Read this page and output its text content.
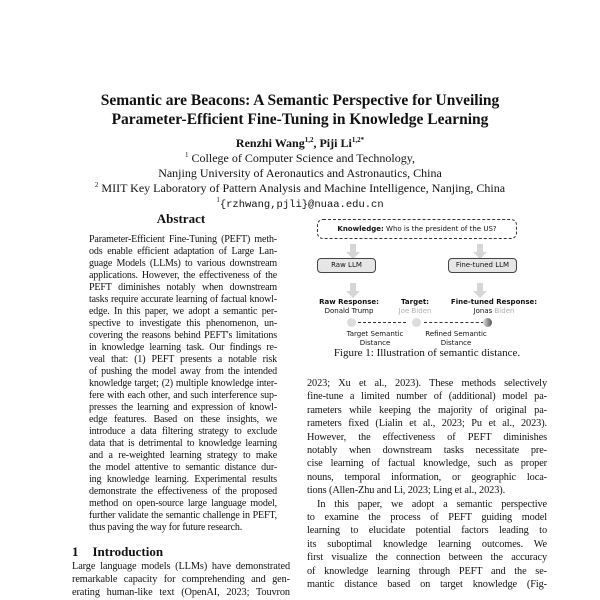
Semantic are Beacons: A Semantic Perspective for Unveiling
Parameter-Efficient Fine-Tuning in Knowledge Learning
Renzhi Wang$^{1,2}$, Piji $Li^{1,2*}$
$^1$ College of Computer Science and Technology,
Nanjing University of Aeronautics and Astronautics, China
$^2$ MIIT Key Laboratory of Pattern Analysis and Machine Intelligence, Nanjing, China
$^1${rzhwang,pjli}@nuaa.edu.cn
Abstract
Parameter-Efficient Fine-Tuning (PEFT) meth-
ods enable efficient adaptation of Large Lan-
guage Models (LLMs) to various downstream
applications. However, the effectiveness of the
PEFT diminishes notably when downstream
tasks require accurate learning of factual knowl-
edge. In this paper, we adopt a semantic per-
spective to investigate this phenomenon, un-
covering the reasons behind PEFT's limitations
in knowledge learning task. Our findings re-
veal that: (1) PEFT presents a notable risk
of pushing the model away from the intended
knowledge target; (2) multiple knowledge inter-
fere with each other, and such interference sup-
presses the learning and expression of knowl-
edge features. Based on these insights, we
introduce a data filtering strategy to exclude
data that is detrimental to knowledge learning
and a re-weighted learning strategy to make
the model attentive to semantic distance dur-
ing knowledge learning. Experimental results
demonstrate the effectiveness of the proposed
method on open-source large language model,
further validate the semantic challenge in PEFT,
thus paving the way for future research.
1 Introduction
Large language models (LLMs) have demonstrated
remarkable capacity for comprehending and gen-
erating human-like text (OpenAI, 2023; Touvron
2023; Xu et al., 2023). These methods selectively
fine-tune a limited number of (additional) model pa-
rameters while keeping the majority of original pa-
rameters fixed (Lialin et al., 2023; Pu et al., 2023).
However, the effectiveness of PEFT diminishes
notably when downstream tasks necessitate pre-
cise learning of factual knowledge, such as proper
nouns, temporal information, or geographic loca-
tions (Allen-Zhu and Li, 2023; Ling et al., 2023).
In this paper, we adopt a semantic perspective
to examine the process of PEFT guiding model
learning to elucidate potential factors leading to
its suboptimal knowledge learning outcomes. We
first visualize the connection between the accuracy
of knowledge learning through PEFT and the se-
mantic distance based on target knowledge (Fig-
Knowledge: Who is the president of the US?
Raw LLM	Fine-tuned LLM
Raw Response:
Donald Trump
Target:
Joe Biden
Fine-tuned Response:
Jonas Biden
Target Semantic
Distance
Refined Semantic
Distance
Figure 1: Illustration of semantic distance.
